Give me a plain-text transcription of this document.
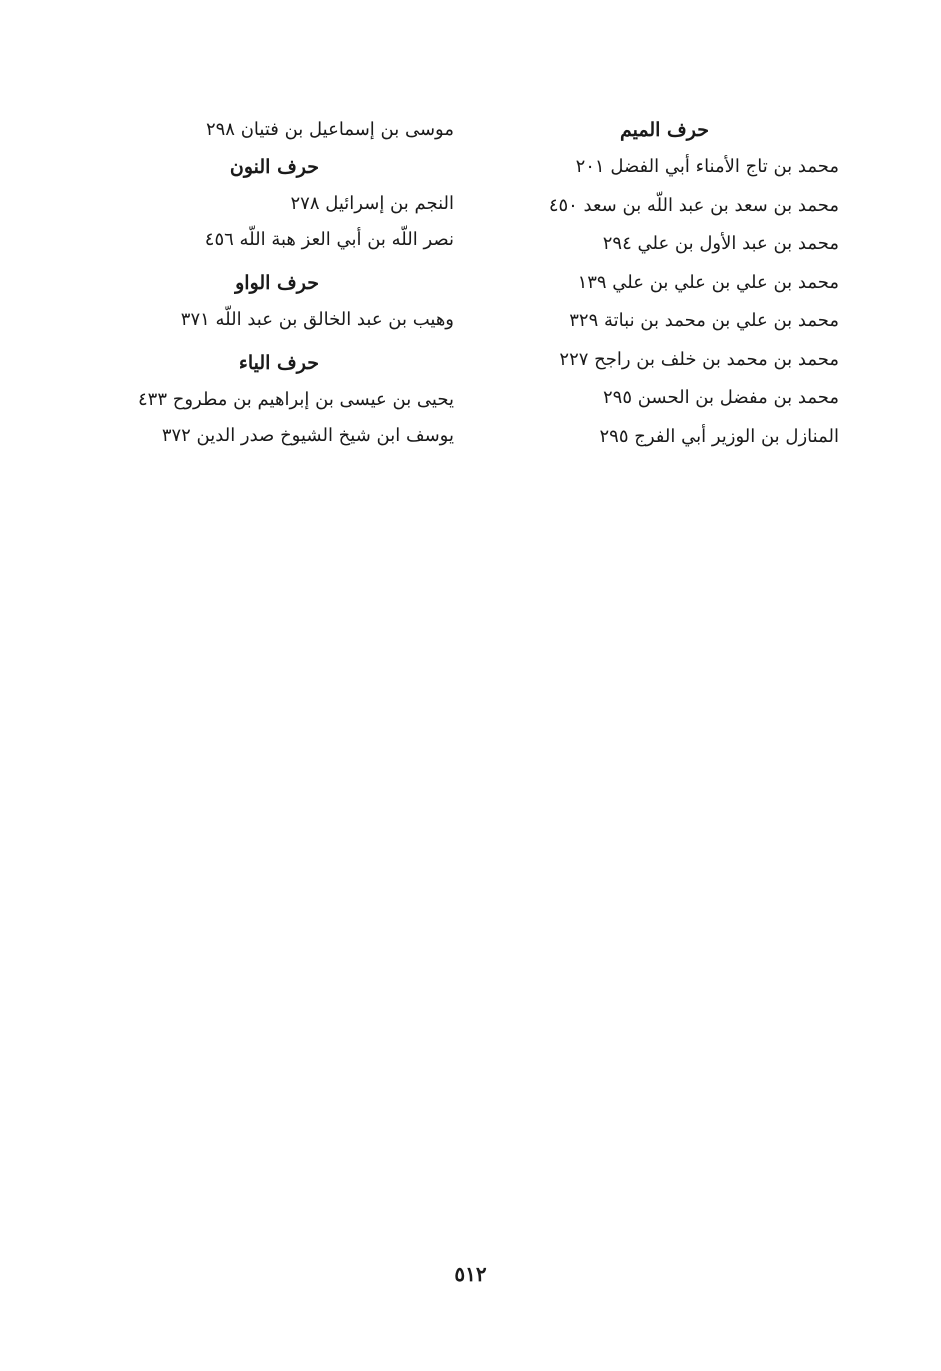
حرف الميم
محمد بن تاج الأمناء أبي الفضل ٢٠١
محمد بن سعد بن عبد اللّه بن سعد ٤٥٠
محمد بن عبد الأول بن علي ٢٩٤
محمد بن علي بن علي بن علي ١٣٩
محمد بن علي بن محمد بن نباتة ٣٢٩
محمد بن محمد بن خلف بن راجح ٢٢٧
محمد بن مفضل بن الحسن ٢٩٥
المنازل بن الوزير أبي الفرج ٢٩٥
موسى بن إسماعيل بن فتيان ٢٩٨
حرف النون
النجم بن إسرائيل ٢٧٨
نصر اللّه بن أبي العز هبة اللّه ٤٥٦
حرف الواو
وهيب بن عبد الخالق بن عبد اللّه ٣٧١
حرف الياء
يحيى بن عيسى بن إبراهيم بن مطروح ٤٣٣
يوسف ابن شيخ الشيوخ صدر الدين ٣٧٢
٥١٢
